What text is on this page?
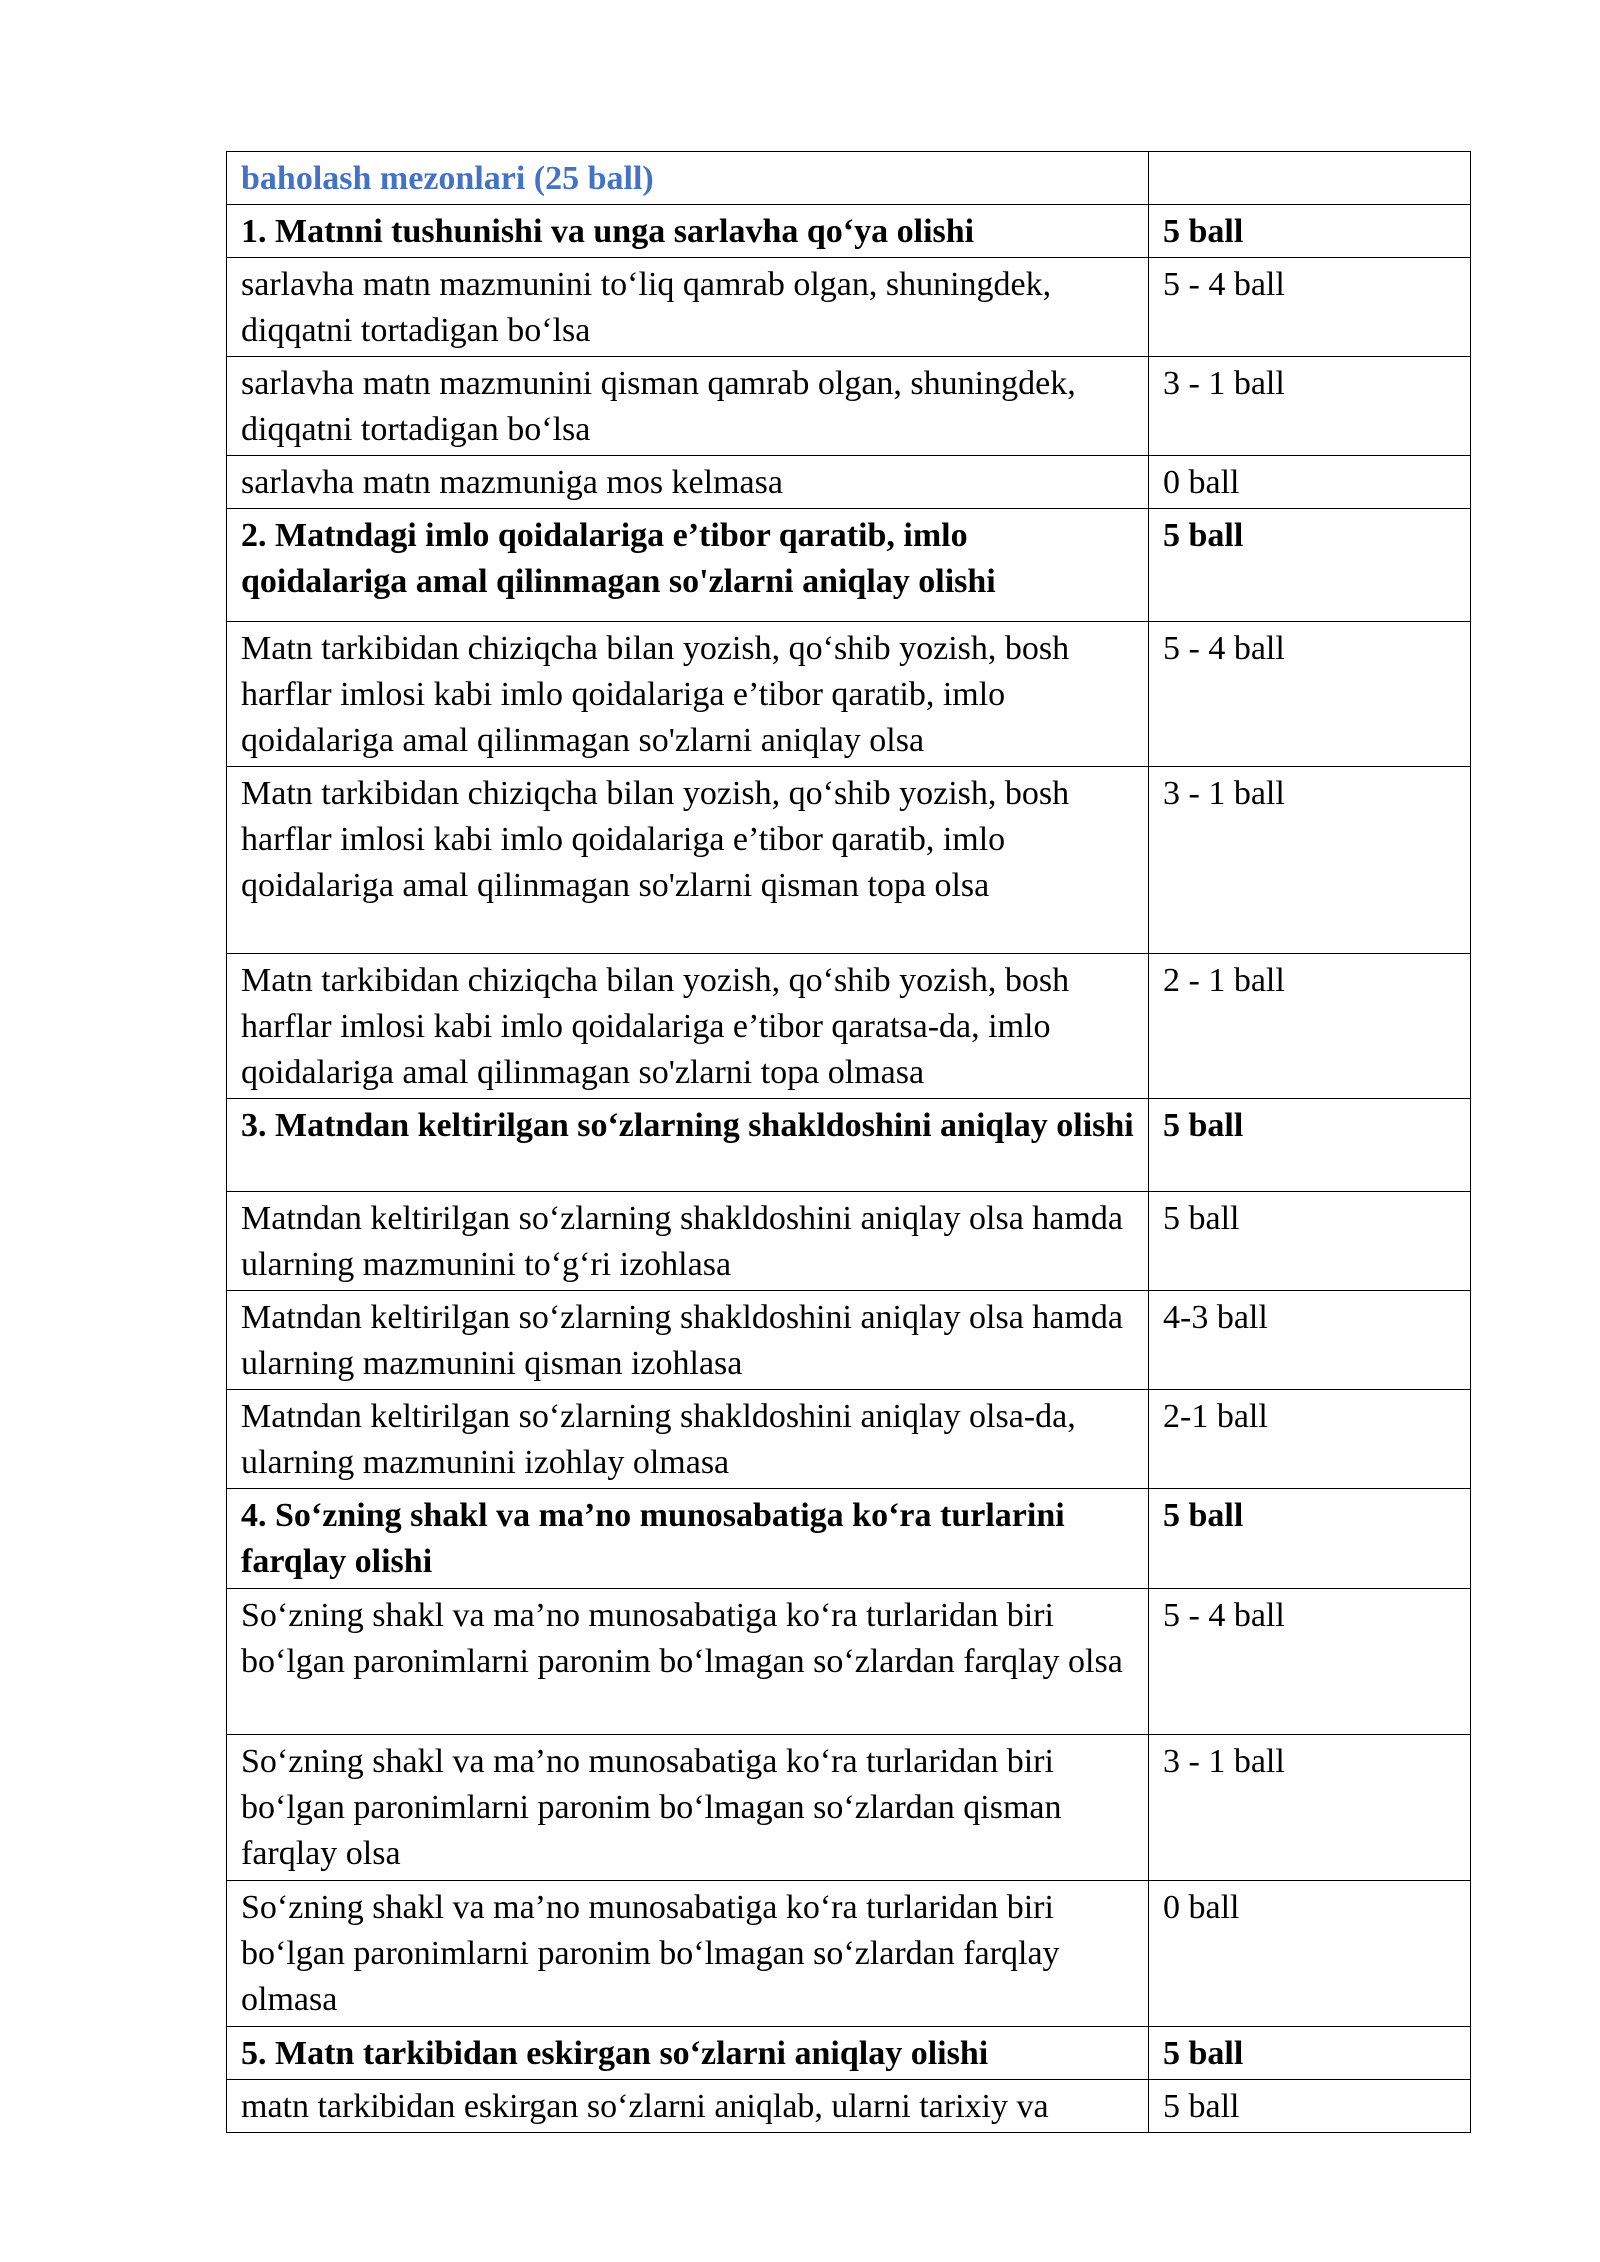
baholash mezonlari (25 ball)	
1. Matnni tushunishi va unga sarlavha qo‘ya olishi	5 ball
sarlavha matn mazmunini to‘liq qamrab olgan, shuningdek, diqqatni tortadigan bo‘lsa	5 - 4 ball
sarlavha matn mazmunini qisman qamrab olgan, shuningdek, diqqatni tortadigan bo‘lsa	3 - 1 ball
sarlavha matn mazmuniga mos kelmasa	0 ball
2. Matndagi imlo qoidalariga e’tibor qaratib, imlo qoidalariga amal qilinmagan so'zlarni aniqlay olishi	5 ball
Matn tarkibidan chiziqcha bilan yozish, qo‘shib yozish, bosh harflar imlosi kabi imlo qoidalariga e’tibor qaratib, imlo qoidalariga amal qilinmagan so'zlarni aniqlay olsa	5 - 4 ball
Matn tarkibidan chiziqcha bilan yozish, qo‘shib yozish, bosh harflar imlosi kabi imlo qoidalariga e’tibor qaratib, imlo qoidalariga amal qilinmagan so'zlarni qisman topa olsa	3 - 1 ball
Matn tarkibidan chiziqcha bilan yozish, qo‘shib yozish, bosh harflar imlosi kabi imlo qoidalariga e’tibor qaratsa-da, imlo qoidalariga amal qilinmagan so'zlarni topa olmasa	2 - 1 ball
3. Matndan keltirilgan so‘zlarning shakldoshini aniqlay olishi	5 ball
Matndan keltirilgan so‘zlarning shakldoshini aniqlay olsa hamda ularning mazmunini to‘g‘ri izohlasa	5 ball
Matndan keltirilgan so‘zlarning shakldoshini aniqlay olsa hamda ularning mazmunini qisman izohlasa	4-3 ball
Matndan keltirilgan so‘zlarning shakldoshini aniqlay olsa-da, ularning mazmunini izohlay olmasa	2-1 ball
4. So‘zning shakl va ma’no munosabatiga ko‘ra turlarini farqlay olishi	5 ball
So‘zning shakl va ma’no munosabatiga ko‘ra turlaridan biri bo‘lgan paronimlarni paronim bo‘lmagan so‘zlardan farqlay olsa	5 - 4 ball
So‘zning shakl va ma’no munosabatiga ko‘ra turlaridan biri bo‘lgan paronimlarni paronim bo‘lmagan so‘zlardan qisman farqlay olsa	3 - 1 ball
So‘zning shakl va ma’no munosabatiga ko‘ra turlaridan biri bo‘lgan paronimlarni paronim bo‘lmagan so‘zlardan farqlay olmasa	0 ball
5. Matn tarkibidan eskirgan so‘zlarni aniqlay olishi	5 ball
matn tarkibidan eskirgan so‘zlarni aniqlab, ularni tarixiy va	5 ball
